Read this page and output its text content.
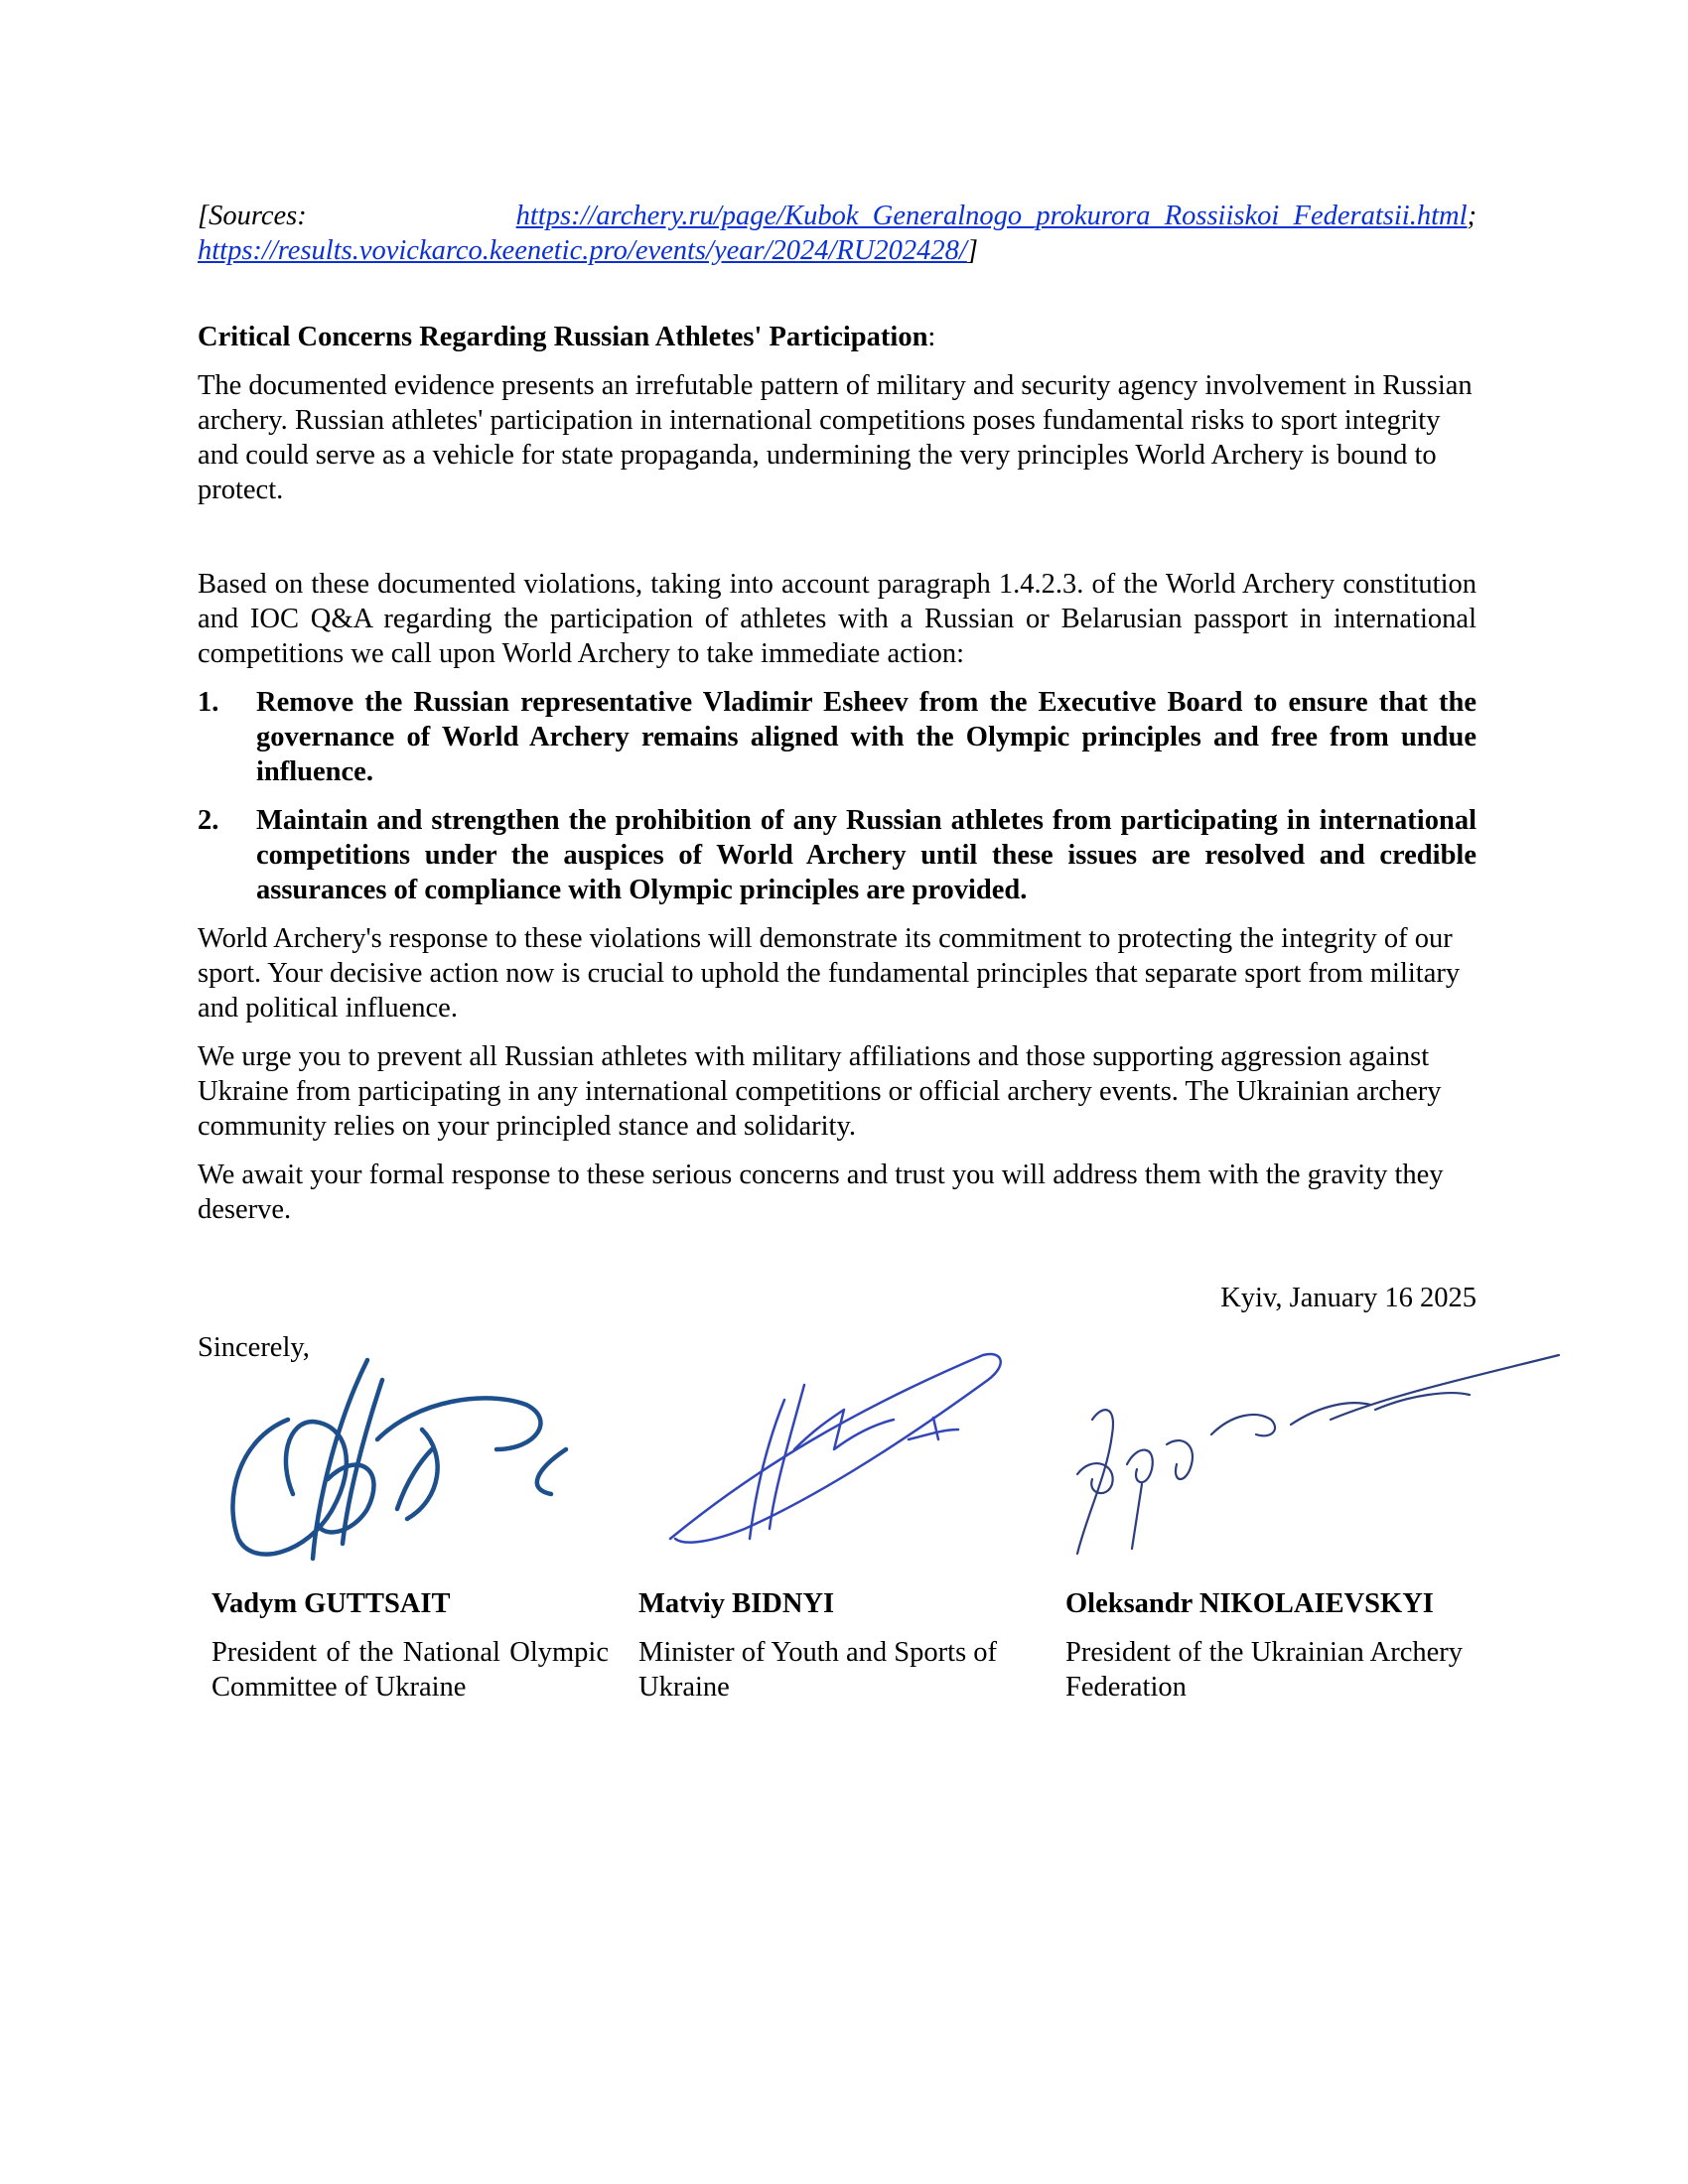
[Sources:	https://archery.ru/page/Kubok_Generalnogo_prokurora_Rossiiskoi_Federatsii.html;

https://results.vovickarco.keenetic.pro/events/year/2024/RU202428/]

Critical Concerns Regarding Russian Athletes' Participation:

The documented evidence presents an irrefutable pattern of military and security agency involvement in Russian archery. Russian athletes' participation in international competitions poses fundamental risks to sport integrity and could serve as a vehicle for state propaganda, undermining the very principles World Archery is bound to protect.

Based on these documented violations, taking into account paragraph 1.4.2.3. of the World Archery constitution and IOC Q&A regarding the participation of athletes with a Russian or Belarusian passport in international competitions we call upon World Archery to take immediate action:

1. Remove the Russian representative Vladimir Esheev from the Executive Board to ensure that the governance of World Archery remains aligned with the Olympic principles and free from undue influence.
2. Maintain and strengthen the prohibition of any Russian athletes from participating in international competitions under the auspices of World Archery until these issues are resolved and credible assurances of compliance with Olympic principles are provided.

World Archery's response to these violations will demonstrate its commitment to protecting the integrity of our sport. Your decisive action now is crucial to uphold the fundamental principles that separate sport from military and political influence.

We urge you to prevent all Russian athletes with military affiliations and those supporting aggression against Ukraine from participating in any international competitions or official archery events. The Ukrainian archery community relies on your principled stance and solidarity.

We await your formal response to these serious concerns and trust you will address them with the gravity they deserve.

Kyiv, January 16 2025

Sincerely,

Vadym GUTTSAIT

President of the National Olympic Committee of Ukraine

Matviy BIDNYI

Minister of Youth and Sports of Ukraine

Oleksandr NIKOLAIEVSKYI

President of the Ukrainian Archery Federation
